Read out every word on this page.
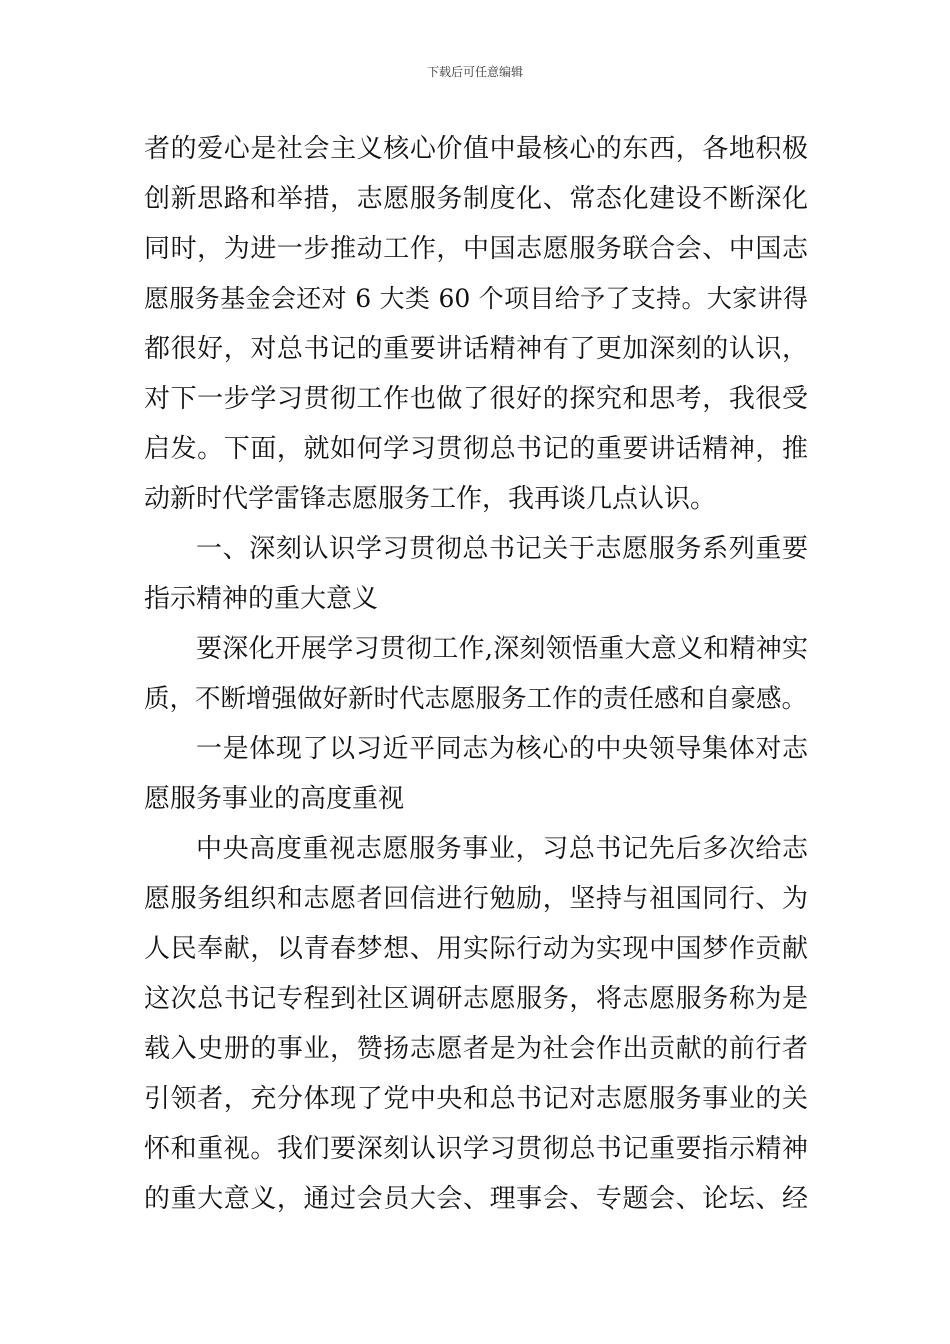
下载后可任意编辑
者的爱心是社会主义核心价值中最核心的东西，各地积极
创新思路和举措，志愿服务制度化、常态化建设不断深化
同时，为进一步推动工作，中国志愿服务联合会、中国志
愿服务基金会还对 6 大类 60 个项目给予了支持。大家讲得
都很好，对总书记的重要讲话精神有了更加深刻的认识，
对下一步学习贯彻工作也做了很好的探究和思考，我很受
启发。下面，就如何学习贯彻总书记的重要讲话精神，推
动新时代学雷锋志愿服务工作，我再谈几点认识。
一、深刻认识学习贯彻总书记关于志愿服务系列重要
指示精神的重大意义
要深化开展学习贯彻工作,深刻领悟重大意义和精神实
质，不断增强做好新时代志愿服务工作的责任感和自豪感。
一是体现了以习近平同志为核心的中央领导集体对志
愿服务事业的高度重视
中央高度重视志愿服务事业，习总书记先后多次给志
愿服务组织和志愿者回信进行勉励，坚持与祖国同行、为
人民奉献，以青春梦想、用实际行动为实现中国梦作贡献
这次总书记专程到社区调研志愿服务，将志愿服务称为是
载入史册的事业，赞扬志愿者是为社会作出贡献的前行者
引领者，充分体现了党中央和总书记对志愿服务事业的关
怀和重视。我们要深刻认识学习贯彻总书记重要指示精神
的重大意义，通过会员大会、理事会、专题会、论坛、经
